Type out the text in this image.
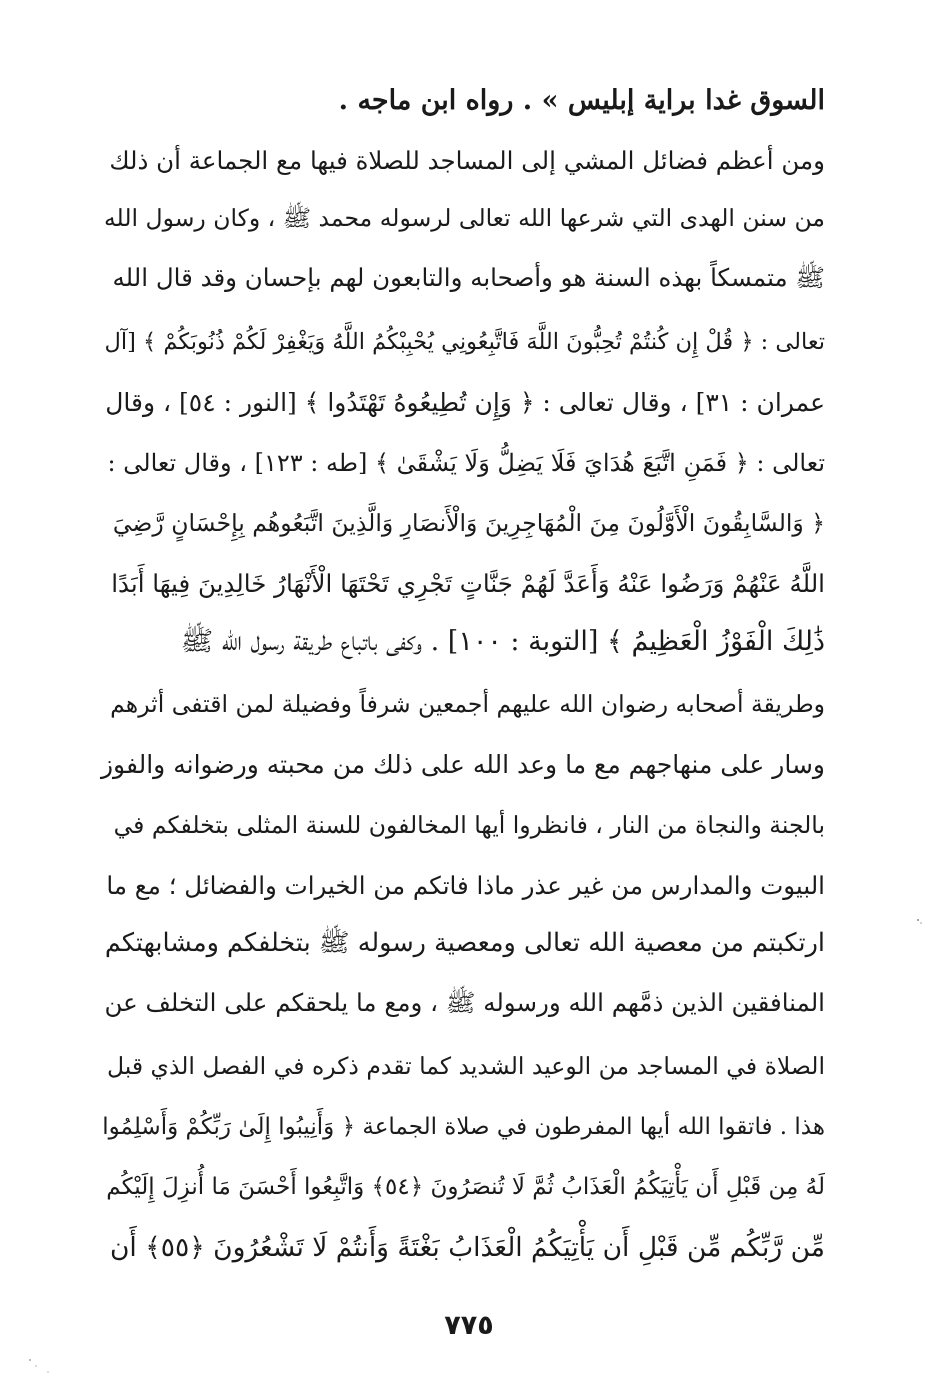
السوق غدا براية إبليس » . رواه ابن ماجه .
ومن أعظم فضائل المشي إلى المساجد للصلاة فيها مع الجماعة أن ذلك
من سنن الهدى التي شرعها الله تعالى لرسوله محمد ﷺ ، وكان رسول الله
ﷺ متمسكاً بهذه السنة هو وأصحابه والتابعون لهم بإحسان وقد قال الله
تعالى : ﴿ قُلْ إِن كُنتُمْ تُحِبُّونَ اللَّهَ فَاتَّبِعُونِي يُحْبِبْكُمُ اللَّهُ وَيَغْفِرْ لَكُمْ ذُنُوبَكُمْ ﴾ [آل
عمران : ٣١] ، وقال تعالى : ﴿ وَإِن تُطِيعُوهُ تَهْتَدُوا ﴾ [النور : ٥٤] ، وقال
تعالى : ﴿ فَمَنِ اتَّبَعَ هُدَايَ فَلَا يَضِلُّ وَلَا يَشْقَىٰ ﴾ [طه : ١٢٣] ، وقال تعالى :
﴿ وَالسَّابِقُونَ الْأَوَّلُونَ مِنَ الْمُهَاجِرِينَ وَالْأَنصَارِ وَالَّذِينَ اتَّبَعُوهُم بِإِحْسَانٍ رَّضِيَ
اللَّهُ عَنْهُمْ وَرَضُوا عَنْهُ وَأَعَدَّ لَهُمْ جَنَّاتٍ تَجْرِي تَحْتَهَا الْأَنْهَارُ خَالِدِينَ فِيهَا أَبَدًا
ذَٰلِكَ الْفَوْزُ الْعَظِيمُ ﴾ [التوبة : ١٠٠] . وكفى باتباع طريقة رسول الله ﷺ
وطريقة أصحابه رضوان الله عليهم أجمعين شرفاً وفضيلة لمن اقتفى أثرهم
وسار على منهاجهم مع ما وعد الله على ذلك من محبته ورضوانه والفوز
بالجنة والنجاة من النار ، فانظروا أيها المخالفون للسنة المثلى بتخلفكم في
البيوت والمدارس من غير عذر ماذا فاتكم من الخيرات والفضائل ؛ مع ما
ارتكبتم من معصية الله تعالى ومعصية رسوله ﷺ بتخلفكم ومشابهتكم
المنافقين الذين ذمَّهم الله ورسوله ﷺ ، ومع ما يلحقكم على التخلف عن
الصلاة في المساجد من الوعيد الشديد كما تقدم ذكره في الفصل الذي قبل
هذا . فاتقوا الله أيها المفرطون في صلاة الجماعة ﴿ وَأَنِيبُوا إِلَىٰ رَبِّكُمْ وَأَسْلِمُوا
لَهُ مِن قَبْلِ أَن يَأْتِيَكُمُ الْعَذَابُ ثُمَّ لَا تُنصَرُونَ ﴿٥٤﴾ وَاتَّبِعُوا أَحْسَنَ مَا أُنزِلَ إِلَيْكُم
مِّن رَّبِّكُم مِّن قَبْلِ أَن يَأْتِيَكُمُ الْعَذَابُ بَغْتَةً وَأَنتُمْ لَا تَشْعُرُونَ ﴿٥٥﴾ أَن
٧٧٥
